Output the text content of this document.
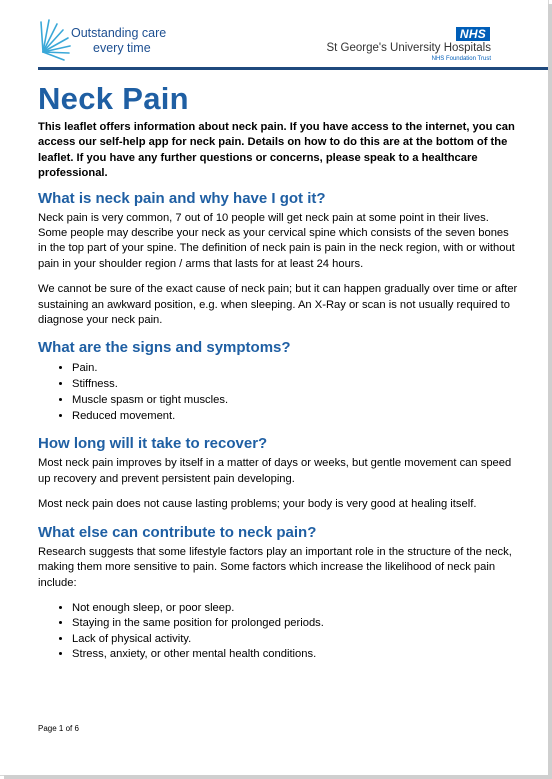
Outstanding care
every time
NHS
St George's University Hospitals
NHS Foundation Trust
Neck Pain

This leaflet offers information about neck pain. If you have access to the internet, you can access our self-help app for neck pain. Details on how to do this are at the bottom of the leaflet. If you have any further questions or concerns, please speak to a healthcare professional.

What is neck pain and why have I got it?

Neck pain is very common, 7 out of 10 people will get neck pain at some point in their lives. Some people may describe your neck as your cervical spine which consists of the seven bones in the top part of your spine. The definition of neck pain is pain in the neck region, with or without pain in your shoulder region / arms that lasts for at least 24 hours.

We cannot be sure of the exact cause of neck pain; but it can happen gradually over time or after sustaining an awkward position, e.g. when sleeping. An X-Ray or scan is not usually required to diagnose your neck pain.

What are the signs and symptoms?
• Pain.
• Stiffness.
• Muscle spasm or tight muscles.
• Reduced movement.
How long will it take to recover?

Most neck pain improves by itself in a matter of days or weeks, but gentle movement can speed up recovery and prevent persistent pain developing.

Most neck pain does not cause lasting problems; your body is very good at healing itself.

What else can contribute to neck pain?

Research suggests that some lifestyle factors play an important role in the structure of the neck, making them more sensitive to pain. Some factors which increase the likelihood of neck pain include:

• Not enough sleep, or poor sleep.
• Staying in the same position for prolonged periods.
• Lack of physical activity.
• Stress, anxiety, or other mental health conditions.
Page 1 of 6
